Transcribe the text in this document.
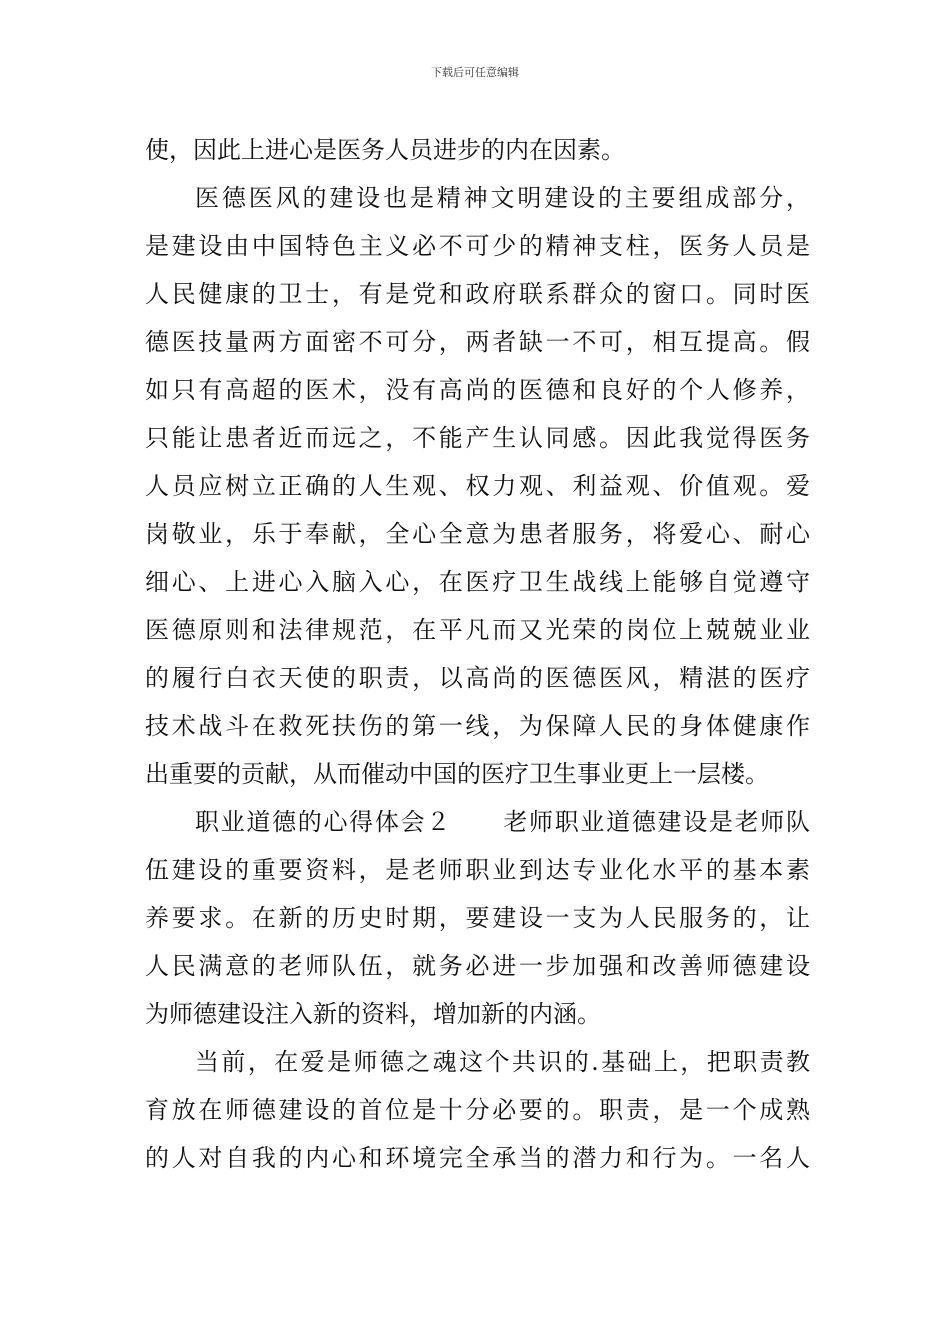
下载后可任意编辑
使，因此上进心是医务人员进步的内在因素。
医德医风的建设也是精神文明建设的主要组成部分，
是建设由中国特色主义必不可少的精神支柱，医务人员是
人民健康的卫士，有是党和政府联系群众的窗口。同时医
德医技量两方面密不可分，两者缺一不可，相互提高。假
如只有高超的医术，没有高尚的医德和良好的个人修养，
只能让患者近而远之，不能产生认同感。因此我觉得医务
人员应树立正确的人生观、权力观、利益观、价值观。爱
岗敬业，乐于奉献，全心全意为患者服务，将爱心、耐心
细心、上进心入脑入心，在医疗卫生战线上能够自觉遵守
医德原则和法律规范，在平凡而又光荣的岗位上兢兢业业
的履行白衣天使的职责，以高尚的医德医风，精湛的医疗
技术战斗在救死扶伤的第一线，为保障人民的身体健康作
出重要的贡献，从而催动中国的医疗卫生事业更上一层楼。
职业道德的心得体会２　　老师职业道德建设是老师队
伍建设的重要资料，是老师职业到达专业化水平的基本素
养要求。在新的历史时期，要建设一支为人民服务的，让
人民满意的老师队伍，就务必进一步加强和改善师德建设
为师德建设注入新的资料，增加新的内涵。
当前，在爱是师德之魂这个共识的.基础上，把职责教
育放在师德建设的首位是十分必要的。职责，是一个成熟
的人对自我的内心和环境完全承当的潜力和行为。一名人
